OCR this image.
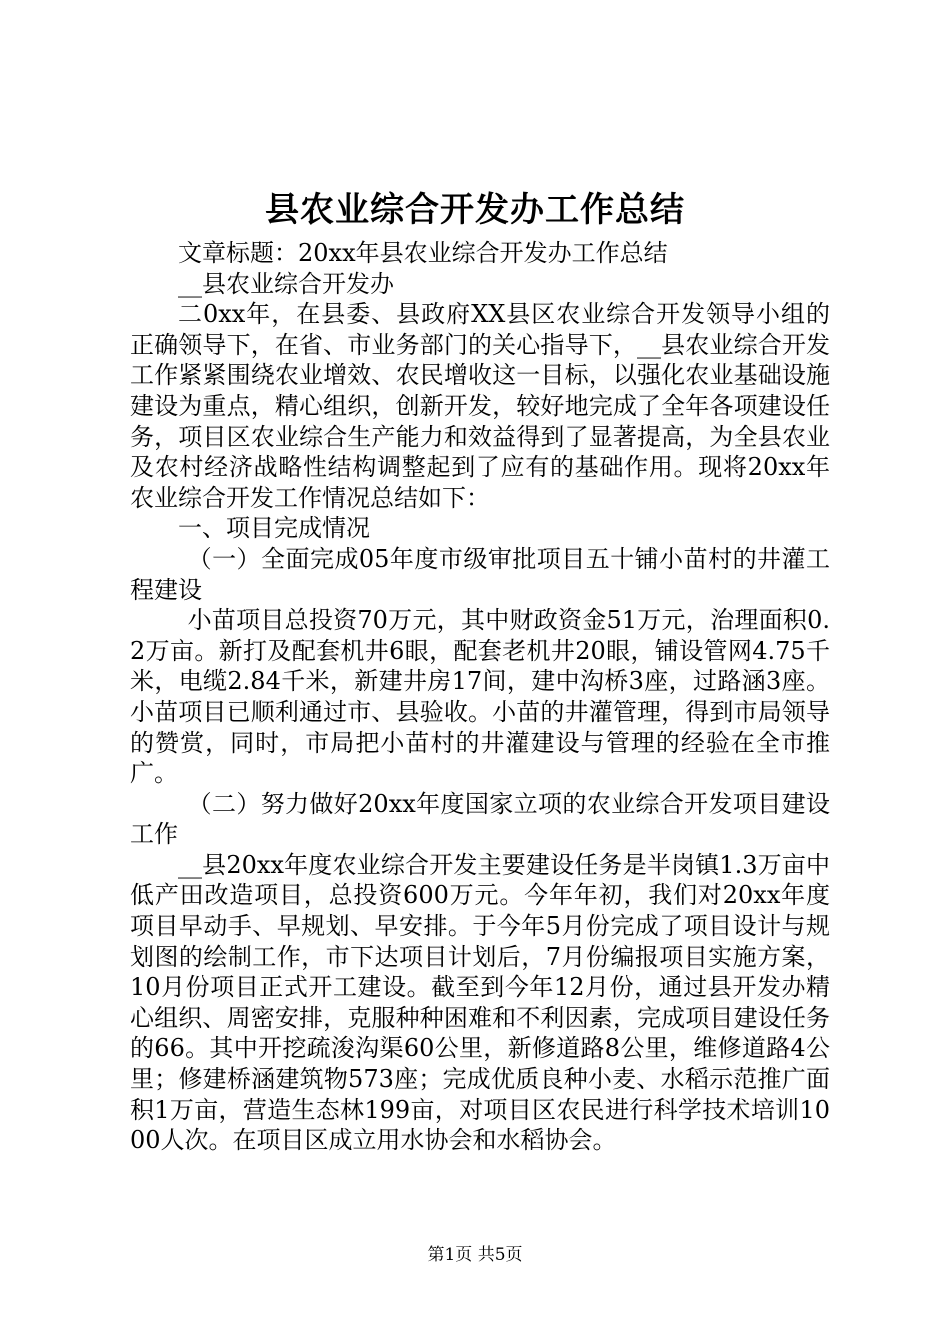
县农业综合开发办工作总结

文章标题：20xx年县农业综合开发办工作总结

__县农业综合开发办

二0xx年，在县委、县政府XX县区农业综合开发领导小组的正确领导下，在省、市业务部门的关心指导下，__县农业综合开发工作紧紧围绕农业增效、农民增收这一目标，以强化农业基础设施建设为重点，精心组织，创新开发，较好地完成了全年各项建设任务，项目区农业综合生产能力和效益得到了显著提高，为全县农业及农村经济战略性结构调整起到了应有的基础作用。现将20xx年农业综合开发工作情况总结如下：

一、项目完成情况

（一）全面完成05年度市级审批项目五十铺小苗村的井灌工程建设

小苗项目总投资70万元，其中财政资金51万元，治理面积0.2万亩。新打及配套机井6眼，配套老机井20眼，铺设管网4.75千米，电缆2.84千米，新建井房17间，建中沟桥3座，过路涵3座。小苗项目已顺利通过市、县验收。小苗的井灌管理，得到市局领导的赞赏，同时，市局把小苗村的井灌建设与管理的经验在全市推广。

（二）努力做好20xx年度国家立项的农业综合开发项目建设工作

__县20xx年度农业综合开发主要建设任务是半岗镇1.3万亩中低产田改造项目，总投资600万元。今年年初，我们对20xx年度项目早动手、早规划、早安排。于今年5月份完成了项目设计与规划图的绘制工作，市下达项目计划后，7月份编报项目实施方案，10月份项目正式开工建设。截至到今年12月份，通过县开发办精心组织、周密安排，克服种种困难和不利因素，完成项目建设任务的66。其中开挖疏浚沟渠60公里，新修道路8公里，维修道路4公里；修建桥涵建筑物573座；完成优质良种小麦、水稻示范推广面积1万亩，营造生态林199亩，对项目区农民进行科学技术培训1000人次。在项目区成立用水协会和水稻协会。

第1页 共5页
